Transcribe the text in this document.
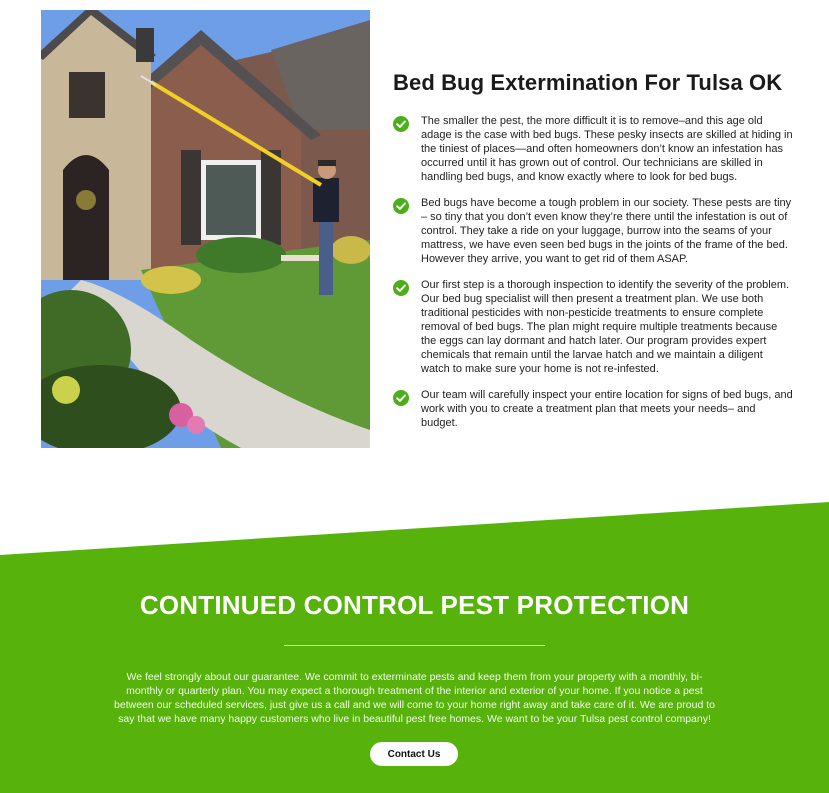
Bed Bug Extermination For Tulsa OK
The smaller the pest, the more difficult it is to remove–and this age old adage is the case with bed bugs. These pesky insects are skilled at hiding in the tiniest of places—and often homeowners don’t know an infestation has occurred until it has grown out of control. Our technicians are skilled in handling bed bugs, and know exactly where to look for bed bugs.
Bed bugs have become a tough problem in our society. These pests are tiny – so tiny that you don’t even know they’re there until the infestation is out of control. They take a ride on your luggage, burrow into the seams of your mattress, we have even seen bed bugs in the joints of the frame of the bed. However they arrive, you want to get rid of them ASAP.
Our first step is a thorough inspection to identify the severity of the problem. Our bed bug specialist will then present a treatment plan. We use both traditional pesticides with non-pesticide treatments to ensure complete removal of bed bugs. The plan might require multiple treatments because the eggs can lay dormant and hatch later. Our program provides expert chemicals that remain until the larvae hatch and we maintain a diligent watch to make sure your home is not re-infested.
Our team will carefully inspect your entire location for signs of bed bugs, and work with you to create a treatment plan that meets your needs– and budget.
CONTINUED CONTROL PEST PROTECTION

We feel strongly about our guarantee. We commit to exterminate pests and keep them from your property with a monthly, bi-monthly or quarterly plan. You may expect a thorough treatment of the interior and exterior of your home. If you notice a pest between our scheduled services, just give us a call and we will come to your home right away and take care of it. We are proud to say that we have many happy customers who live in beautiful pest free homes. We want to be your Tulsa pest control company!

Contact Us
